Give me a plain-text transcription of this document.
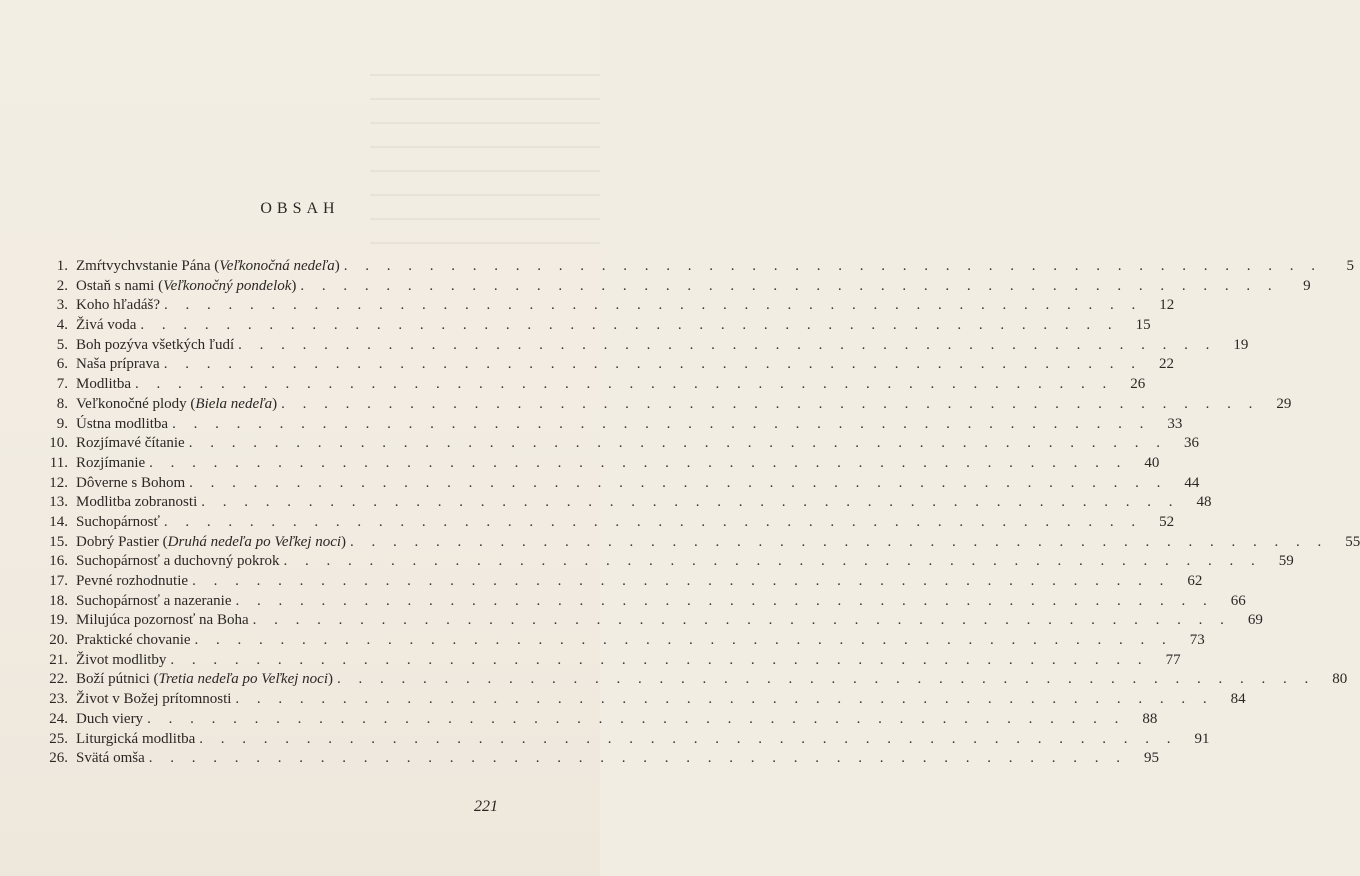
OBSAH
1. Zmŕtvychvstanie Pána (Veľkonočná nedeľa) . . . . . . . . . . . . . . . . . . . . . . . . . . . . . . . . . . . . . . . . . . . . . .	5
2. Ostaň s nami (Veľkonočný pondelok) . . . . . . . . . . . . . . . . . . . . . . . . . . . . . . . . . . . . . . . . . . . . . .	9
3. Koho hľadáš? . . . . . . . . . . . . . . . . . . . . . . . . . . . . . . . . . . . . . . . . . . . . . .	12
4. Živá voda . . . . . . . . . . . . . . . . . . . . . . . . . . . . . . . . . . . . . . . . . . . . . .	15
5. Boh pozýva všetkých ľudí . . . . . . . . . . . . . . . . . . . . . . . . . . . . . . . . . . . . . . . . . . . . . .	19
6. Naša príprava . . . . . . . . . . . . . . . . . . . . . . . . . . . . . . . . . . . . . . . . . . . . . .	22
7. Modlitba . . . . . . . . . . . . . . . . . . . . . . . . . . . . . . . . . . . . . . . . . . . . . .	26
8. Veľkonočné plody (Biela nedeľa) . . . . . . . . . . . . . . . . . . . . . . . . . . . . . . . . . . . . . . . . . . . . . .	29
9. Ústna modlitba . . . . . . . . . . . . . . . . . . . . . . . . . . . . . . . . . . . . . . . . . . . . . .	33
10. Rozjímavé čítanie . . . . . . . . . . . . . . . . . . . . . . . . . . . . . . . . . . . . . . . . . . . . . .	36
11. Rozjímanie . . . . . . . . . . . . . . . . . . . . . . . . . . . . . . . . . . . . . . . . . . . . . .	40
12. Dôverne s Bohom . . . . . . . . . . . . . . . . . . . . . . . . . . . . . . . . . . . . . . . . . . . . . .	44
13. Modlitba zobranosti . . . . . . . . . . . . . . . . . . . . . . . . . . . . . . . . . . . . . . . . . . . . . .	48
14. Suchopárnosť . . . . . . . . . . . . . . . . . . . . . . . . . . . . . . . . . . . . . . . . . . . . . .	52
15. Dobrý Pastier (Druhá nedeľa po Veľkej noci) . . . . . . . . . . . . . . . . . . . . . . . . . . . . . . . . . . . . . . . . . . . . . .	55
16. Suchopárnosť a duchovný pokrok . . . . . . . . . . . . . . . . . . . . . . . . . . . . . . . . . . . . . . . . . . . . . .	59
17. Pevné rozhodnutie . . . . . . . . . . . . . . . . . . . . . . . . . . . . . . . . . . . . . . . . . . . . . .	62
18. Suchopárnosť a nazeranie . . . . . . . . . . . . . . . . . . . . . . . . . . . . . . . . . . . . . . . . . . . . . .	66
19. Milujúca pozornosť na Boha . . . . . . . . . . . . . . . . . . . . . . . . . . . . . . . . . . . . . . . . . . . . . .	69
20. Praktické chovanie . . . . . . . . . . . . . . . . . . . . . . . . . . . . . . . . . . . . . . . . . . . . . .	73
21. Život modlitby . . . . . . . . . . . . . . . . . . . . . . . . . . . . . . . . . . . . . . . . . . . . . .	77
22. Boží pútnici (Tretia nedeľa po Veľkej noci) . . . . . . . . . . . . . . . . . . . . . . . . . . . . . . . . . . . . . . . . . . . . . .	80
23. Život v Božej prítomnosti . . . . . . . . . . . . . . . . . . . . . . . . . . . . . . . . . . . . . . . . . . . . . .	84
24. Duch viery . . . . . . . . . . . . . . . . . . . . . . . . . . . . . . . . . . . . . . . . . . . . . .	88
25. Liturgická modlitba . . . . . . . . . . . . . . . . . . . . . . . . . . . . . . . . . . . . . . . . . . . . . .	91
26. Svätá omša . . . . . . . . . . . . . . . . . . . . . . . . . . . . . . . . . . . . . . . . . . . . . .	95
221
